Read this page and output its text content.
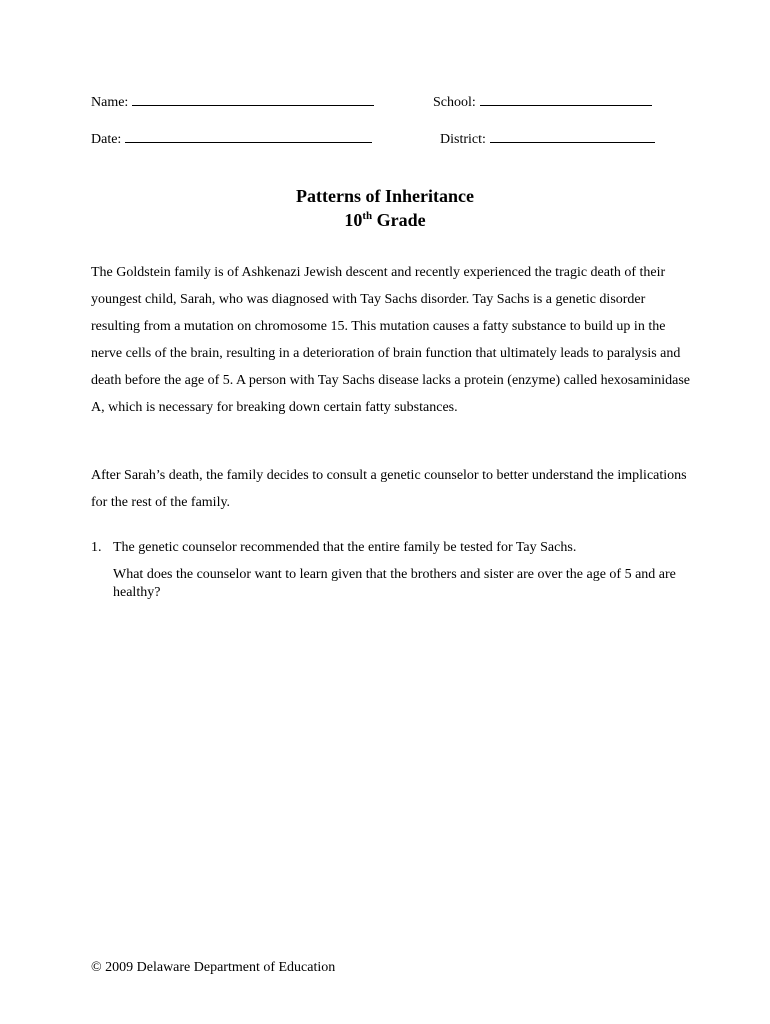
Name:	School:
Date:	District:
Patterns of Inheritance
10th Grade
The Goldstein family is of Ashkenazi Jewish descent and recently experienced the tragic death of their youngest child, Sarah, who was diagnosed with Tay Sachs disorder. Tay Sachs is a genetic disorder resulting from a mutation on chromosome 15. This mutation causes a fatty substance to build up in the nerve cells of the brain, resulting in a deterioration of brain function that ultimately leads to paralysis and death before the age of 5. A person with Tay Sachs disease lacks a protein (enzyme) called hexosaminidase A, which is necessary for breaking down certain fatty substances.
After Sarah’s death, the family decides to consult a genetic counselor to better understand the implications for the rest of the family.
1. The genetic counselor recommended that the entire family be tested for Tay Sachs.
What does the counselor want to learn given that the brothers and sister are over the age of 5 and are healthy?
© 2009 Delaware Department of Education
